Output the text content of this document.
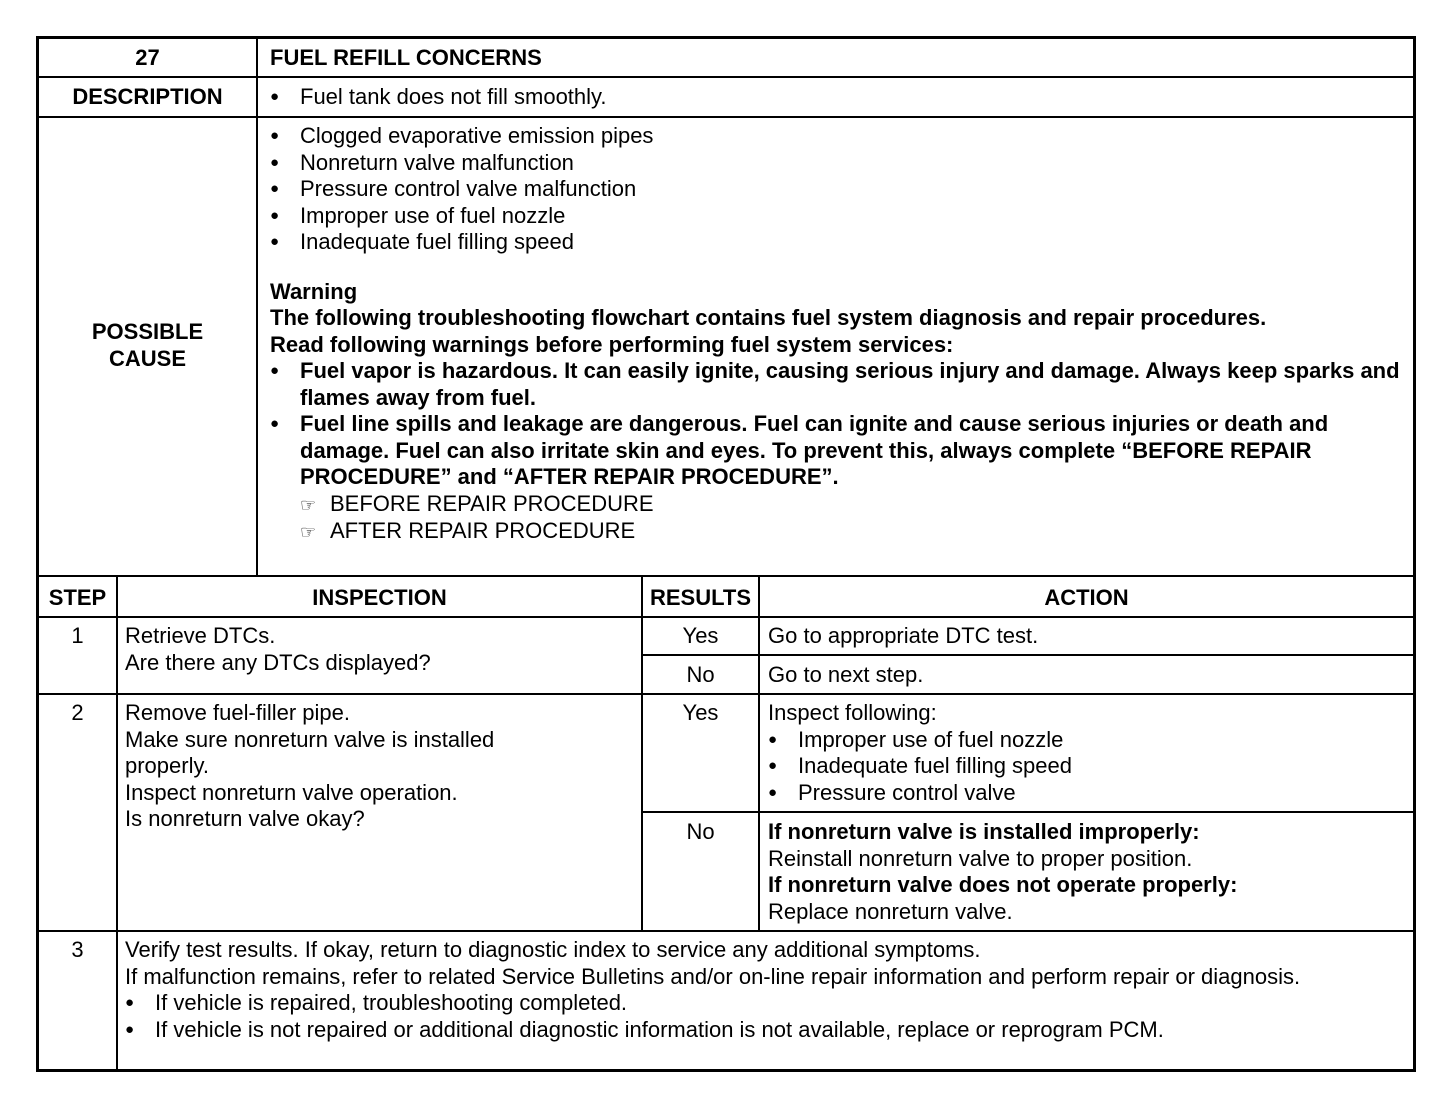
27	FUEL REFILL CONCERNS
DESCRIPTION
●	Fuel tank does not fill smoothly.
POSSIBLE
CAUSE
● Clogged evaporative emission pipes
● Nonreturn valve malfunction
● Pressure control valve malfunction
● Improper use of fuel nozzle
● Inadequate fuel filling speed
Warning
The following troubleshooting flowchart contains fuel system diagnosis and repair procedures.
Read following warnings before performing fuel system services:
● Fuel vapor is hazardous. It can easily ignite, causing serious injury and damage. Always keep sparks and flames away from fuel.
● Fuel line spills and leakage are dangerous. Fuel can ignite and cause serious injuries or death and damage. Fuel can also irritate skin and eyes. To prevent this, always complete “BEFORE REPAIR PROCEDURE” and “AFTER REPAIR PROCEDURE”.
☞ BEFORE REPAIR PROCEDURE
☞ AFTER REPAIR PROCEDURE
STEP	INSPECTION	RESULTS	ACTION
1	Retrieve DTCs.
Are there any DTCs displayed?
Yes	Go to appropriate DTC test.
No	Go to next step.
2	Remove fuel-filler pipe.
Make sure nonreturn valve is installed properly.
Inspect nonreturn valve operation.
Is nonreturn valve okay?
Yes	Inspect following:
● Improper use of fuel nozzle
● Inadequate fuel filling speed
● Pressure control valve
No	If nonreturn valve is installed improperly:
Reinstall nonreturn valve to proper position.
If nonreturn valve does not operate properly:
Replace nonreturn valve.
3	Verify test results. If okay, return to diagnostic index to service any additional symptoms.
If malfunction remains, refer to related Service Bulletins and/or on-line repair information and perform repair or diagnosis.
● If vehicle is repaired, troubleshooting completed.
● If vehicle is not repaired or additional diagnostic information is not available, replace or reprogram PCM.
